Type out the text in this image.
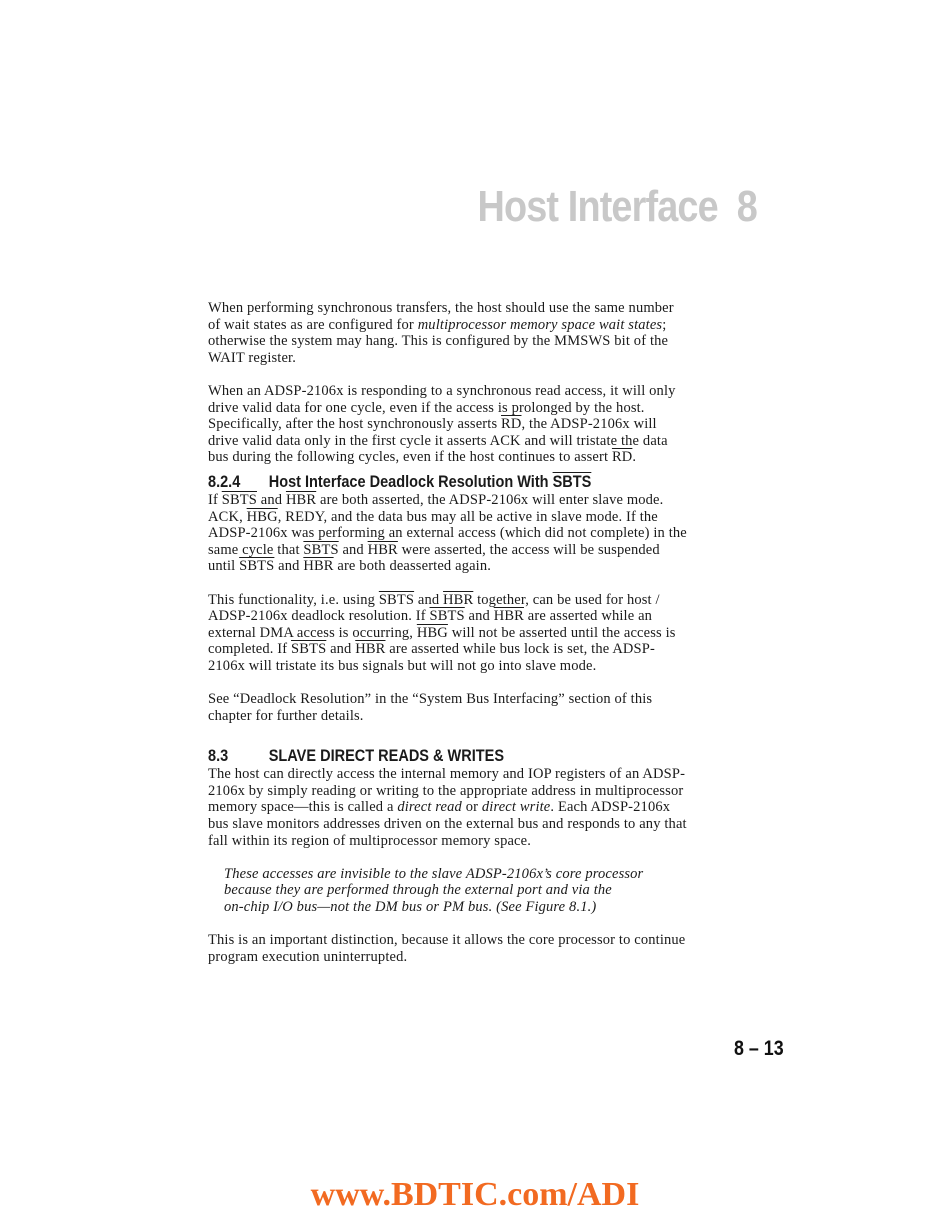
Host Interface 8

When performing synchronous transfers, the host should use the same number of wait states as are configured for multiprocessor memory space wait states; otherwise the system may hang. This is configured by the MMSWS bit of the WAIT register.

When an ADSP-2106x is responding to a synchronous read access, it will only drive valid data for one cycle, even if the access is prolonged by the host. Specifically, after the host synchronously asserts $\overline{RD}$, the ADSP-2106x will drive valid data only in the first cycle it asserts ACK and will tristate the data bus during the following cycles, even if the host continues to assert $\overline{RD}$.

8.2.4	Host Interface Deadlock Resolution With SBTS

If SBTS and $\overline{HBR}$ are both asserted, the ADSP-2106x will enter slave mode. ACK, $\overline{HBG}$, REDY, and the data bus may all be active in slave mode. If the ADSP-2106x was performing an external access (which did not complete) in the same cycle that SBTS and $\overline{HBR}$ were asserted, the access will be suspended until SBTS and $\overline{HBR}$ are both deasserted again.

This functionality, i.e. using SBTS and $\overline{HBR}$ together, can be used for host / ADSP-2106x deadlock resolution. If SBTS and $\overline{HBR}$ are asserted while an external DMA access is occurring, $\overline{HBG}$ will not be asserted until the access is completed. If SBTS and $\overline{HBR}$ are asserted while bus lock is set, the ADSP-2106x will tristate its bus signals but will not go into slave mode.

See “Deadlock Resolution” in the “System Bus Interfacing” section of this chapter for further details.

8.3	SLAVE DIRECT READS & WRITES

The host can directly access the internal memory and IOP registers of an ADSP-2106x by simply reading or writing to the appropriate address in multiprocessor memory space—this is called a direct read or direct write. Each ADSP-2106x bus slave monitors addresses driven on the external bus and responds to any that fall within its region of multiprocessor memory space.

These accesses are invisible to the slave ADSP-2106x’s core processor
because they are performed through the external port and via the
on-chip I/O bus—not the DM bus or PM bus. (See Figure 8.1.)

This is an important distinction, because it allows the core processor to continue program execution uninterrupted.

8 – 13
www.BDTIC.com/ADI
